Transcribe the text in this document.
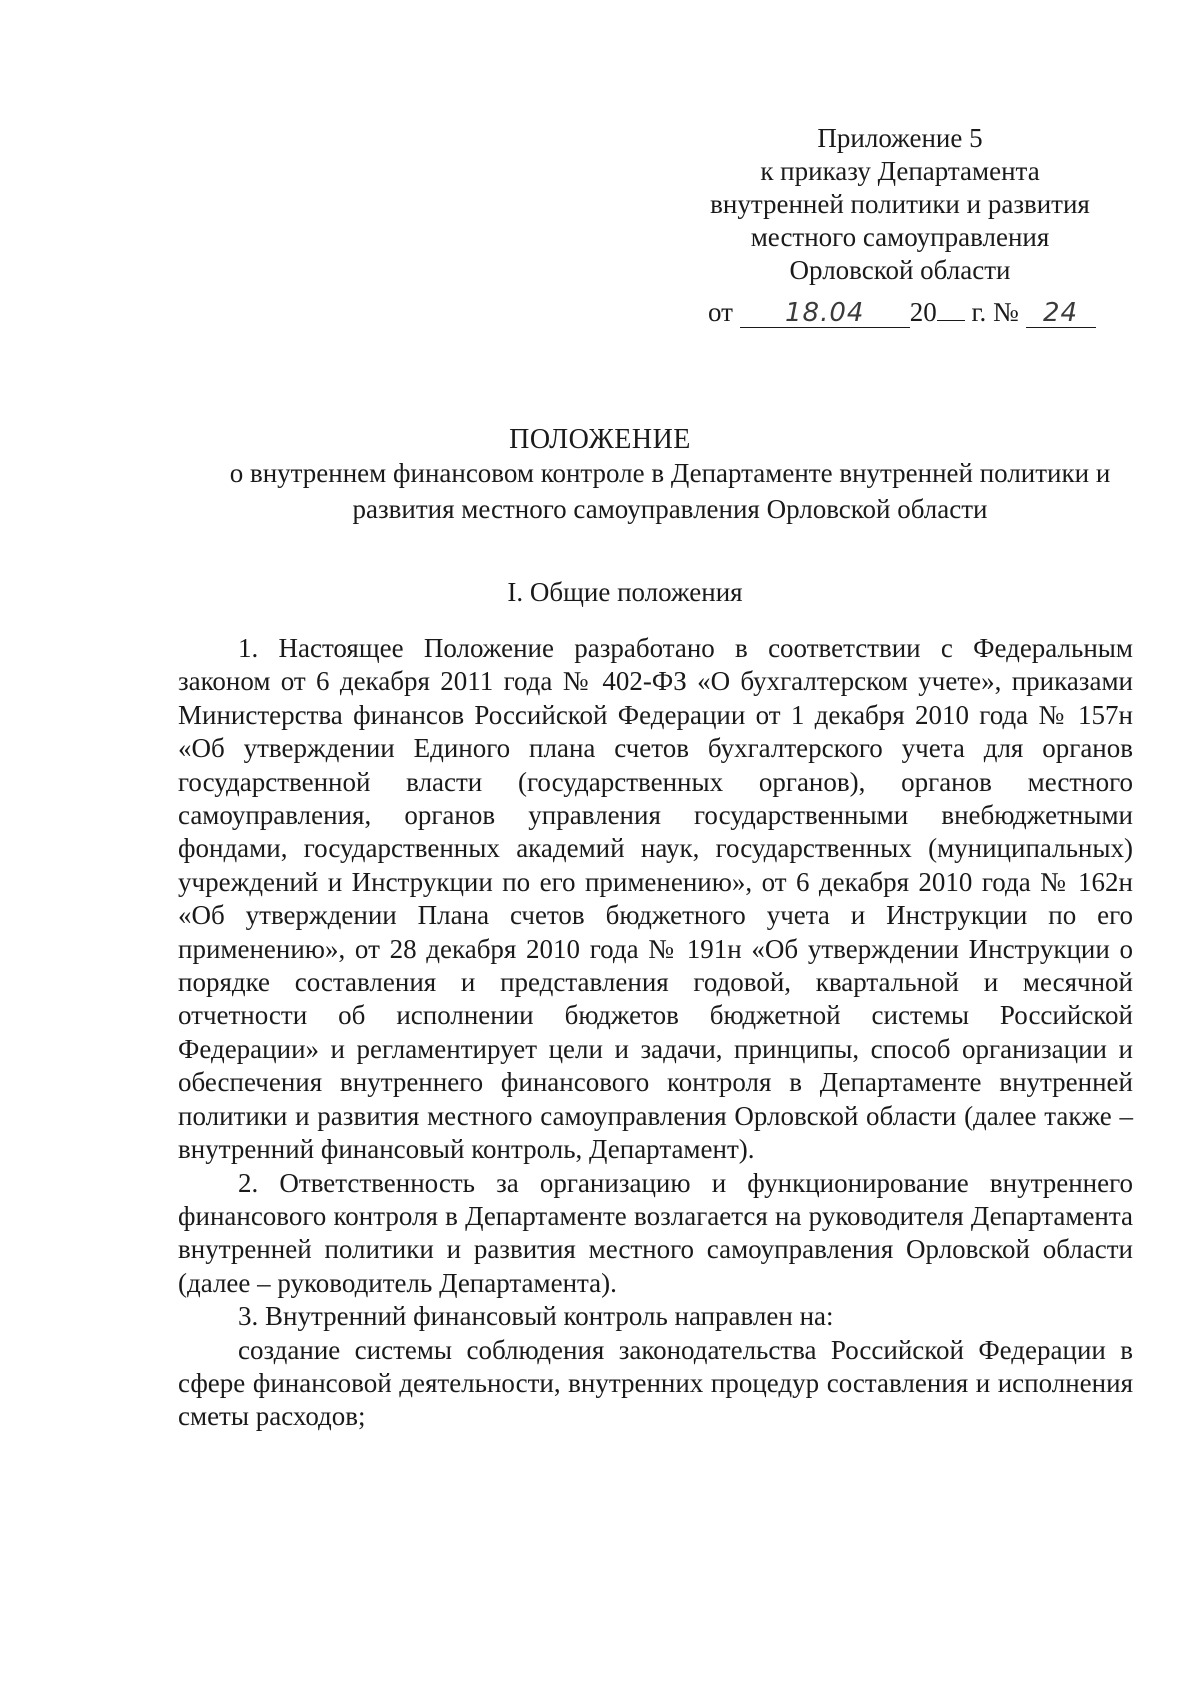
Приложение 5
к приказу Департамента
внутренней политики и развития
местного самоуправления
Орловской области
от 18.04 20 г. № 24
ПОЛОЖЕНИЕ
о внутреннем финансовом контроле в Департаменте внутренней политики и развития местного самоуправления Орловской области
I. Общие положения

1. Настоящее Положение разработано в соответствии с Федеральным законом от 6 декабря 2011 года № 402-ФЗ «О бухгалтерском учете», приказами Министерства финансов Российской Федерации от 1 декабря 2010 года № 157н «Об утверждении Единого плана счетов бухгалтерского учета для органов государственной власти (государственных органов), органов местного самоуправления, органов управления государственными внебюджетными фондами, государственных академий наук, государственных (муниципальных) учреждений и Инструкции по его применению», от 6 декабря 2010 года № 162н «Об утверждении Плана счетов бюджетного учета и Инструкции по его применению», от 28 декабря 2010 года № 191н «Об утверждении Инструкции о порядке составления и представления годовой, квартальной и месячной отчетности об исполнении бюджетов бюджетной системы Российской Федерации» и регламентирует цели и задачи, принципы, способ организации и обеспечения внутреннего финансового контроля в Департаменте внутренней политики и развития местного самоуправления Орловской области (далее также – внутренний финансовый контроль, Департамент).

2. Ответственность за организацию и функционирование внутреннего финансового контроля в Департаменте возлагается на руководителя Департамента внутренней политики и развития местного самоуправления Орловской области (далее – руководитель Департамента).

3. Внутренний финансовый контроль направлен на:

создание системы соблюдения законодательства Российской Федерации в сфере финансовой деятельности, внутренних процедур составления и исполнения сметы расходов;
